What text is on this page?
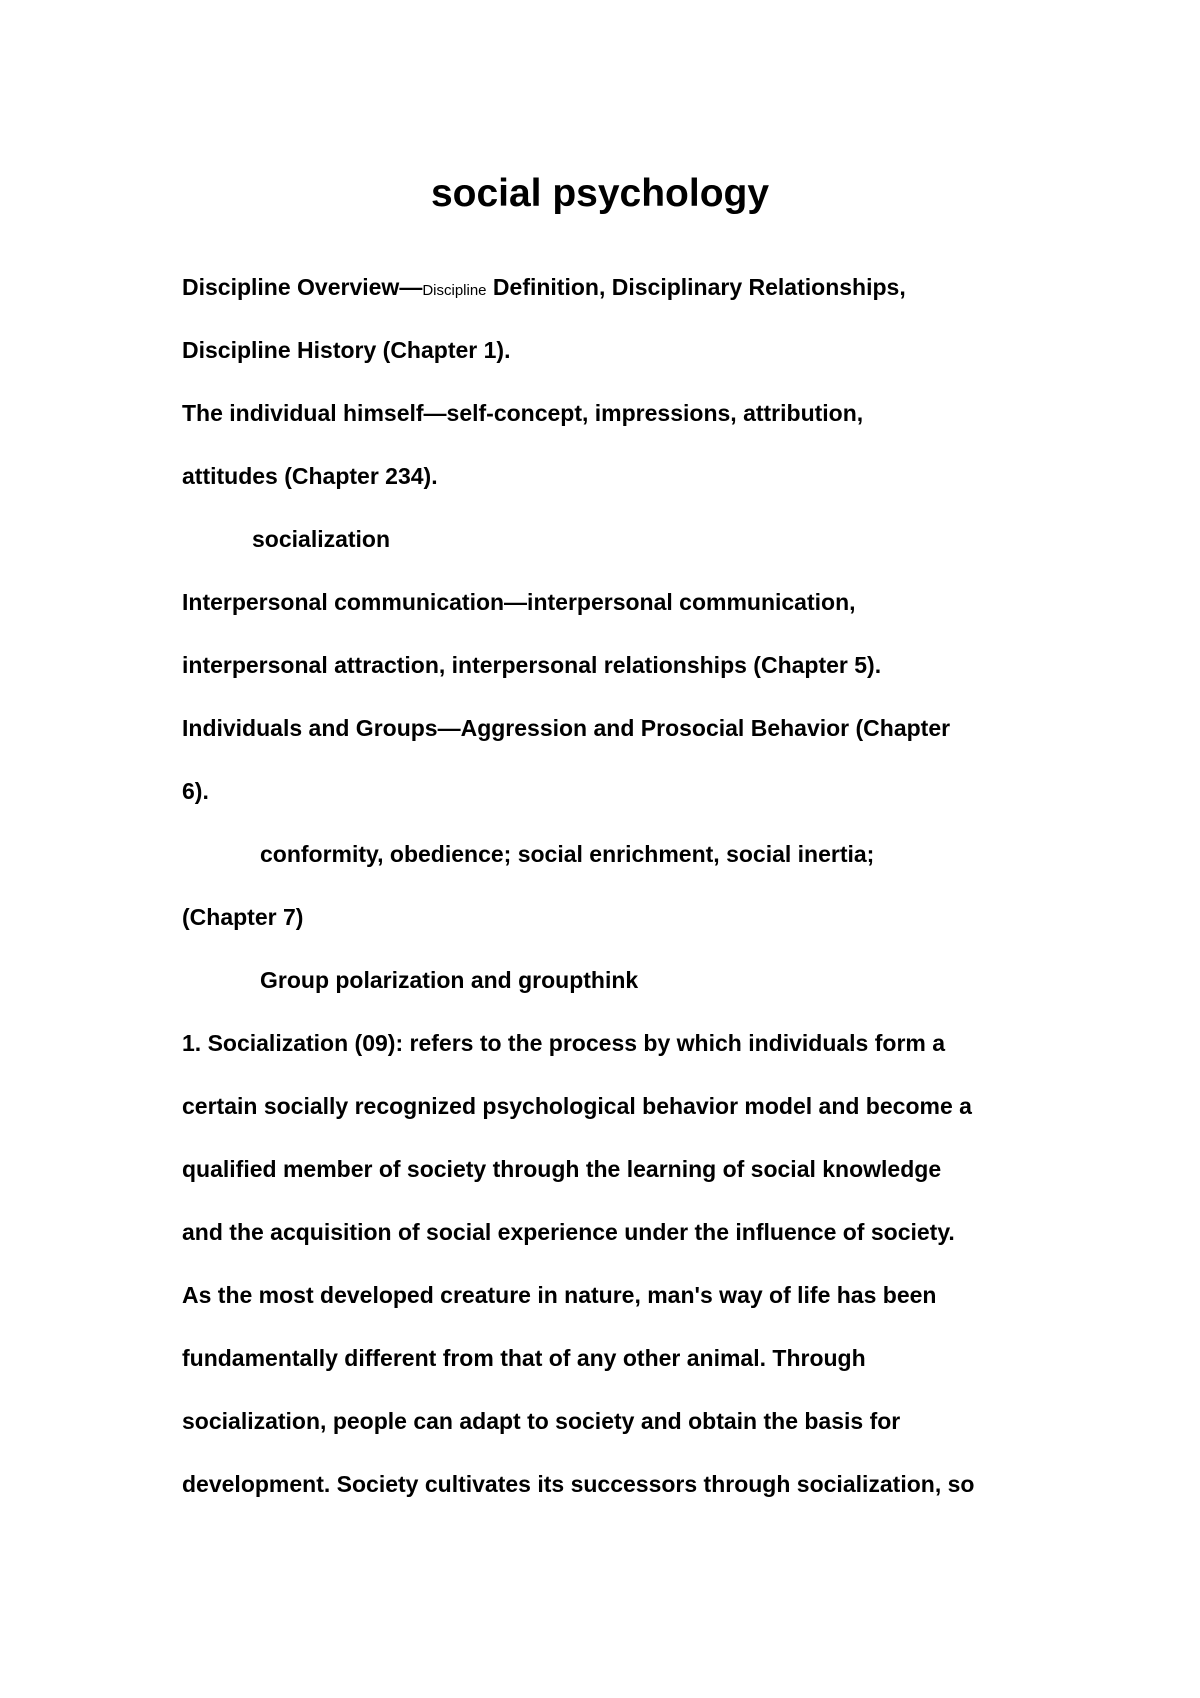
social psychology

Discipline Overview—Discipline Definition, Disciplinary Relationships,

Discipline History (Chapter 1).

The individual himself—self-concept, impressions, attribution,

attitudes (Chapter 234).

socialization

Interpersonal communication—interpersonal communication,

interpersonal attraction, interpersonal relationships (Chapter 5).

Individuals and Groups—Aggression and Prosocial Behavior (Chapter

6).

conformity, obedience; social enrichment, social inertia;

(Chapter 7)

Group polarization and groupthink

1. Socialization (09): refers to the process by which individuals form a

certain socially recognized psychological behavior model and become a

qualified member of society through the learning of social knowledge

and the acquisition of social experience under the influence of society.

As the most developed creature in nature, man's way of life has been

fundamentally different from that of any other animal. Through

socialization, people can adapt to society and obtain the basis for

development. Society cultivates its successors through socialization, so
